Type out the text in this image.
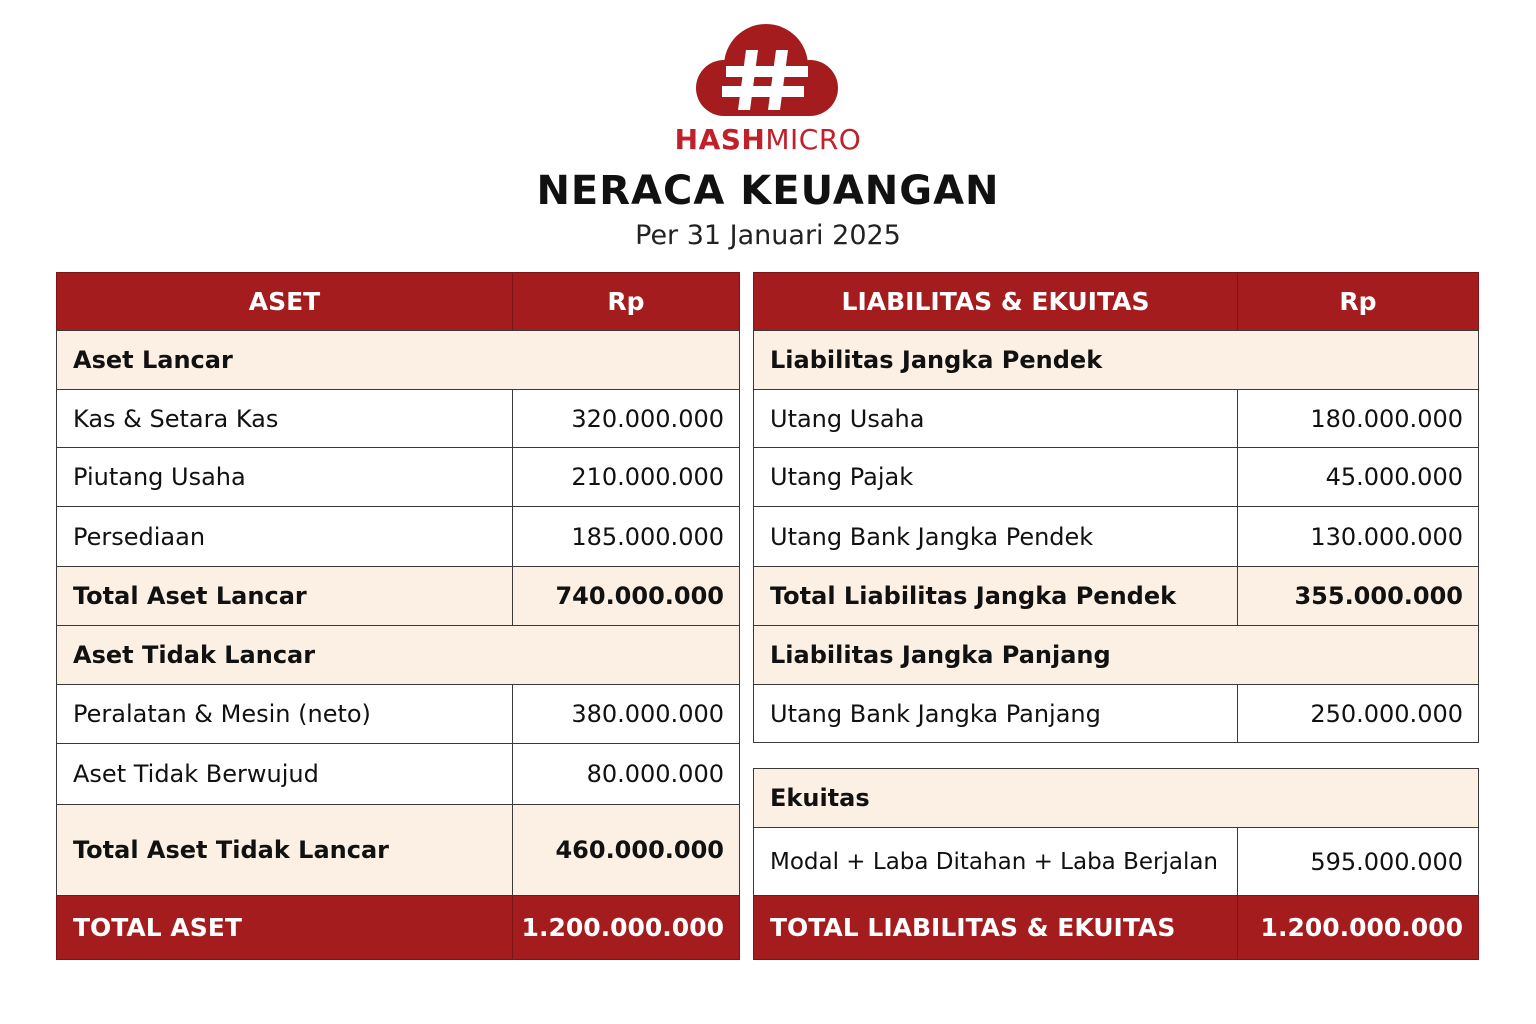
HASHMICRO
NERACA KEUANGAN
Per 31 Januari 2025
ASET	Rp
Aset Lancar
Kas & Setara Kas	320.000.000
Piutang Usaha	210.000.000
Persediaan	185.000.000
Total Aset Lancar	740.000.000
Aset Tidak Lancar
Peralatan & Mesin (neto)	380.000.000
Aset Tidak Berwujud	80.000.000
Total Aset Tidak Lancar	460.000.000
TOTAL ASET	1.200.000.000
LIABILITAS & EKUITAS	Rp
Liabilitas Jangka Pendek
Utang Usaha	180.000.000
Utang Pajak	45.000.000
Utang Bank Jangka Pendek	130.000.000
Total Liabilitas Jangka Pendek	355.000.000
Liabilitas Jangka Panjang
Utang Bank Jangka Panjang	250.000.000
Ekuitas
Modal + Laba Ditahan + Laba Berjalan	595.000.000
TOTAL LIABILITAS & EKUITAS	1.200.000.000
